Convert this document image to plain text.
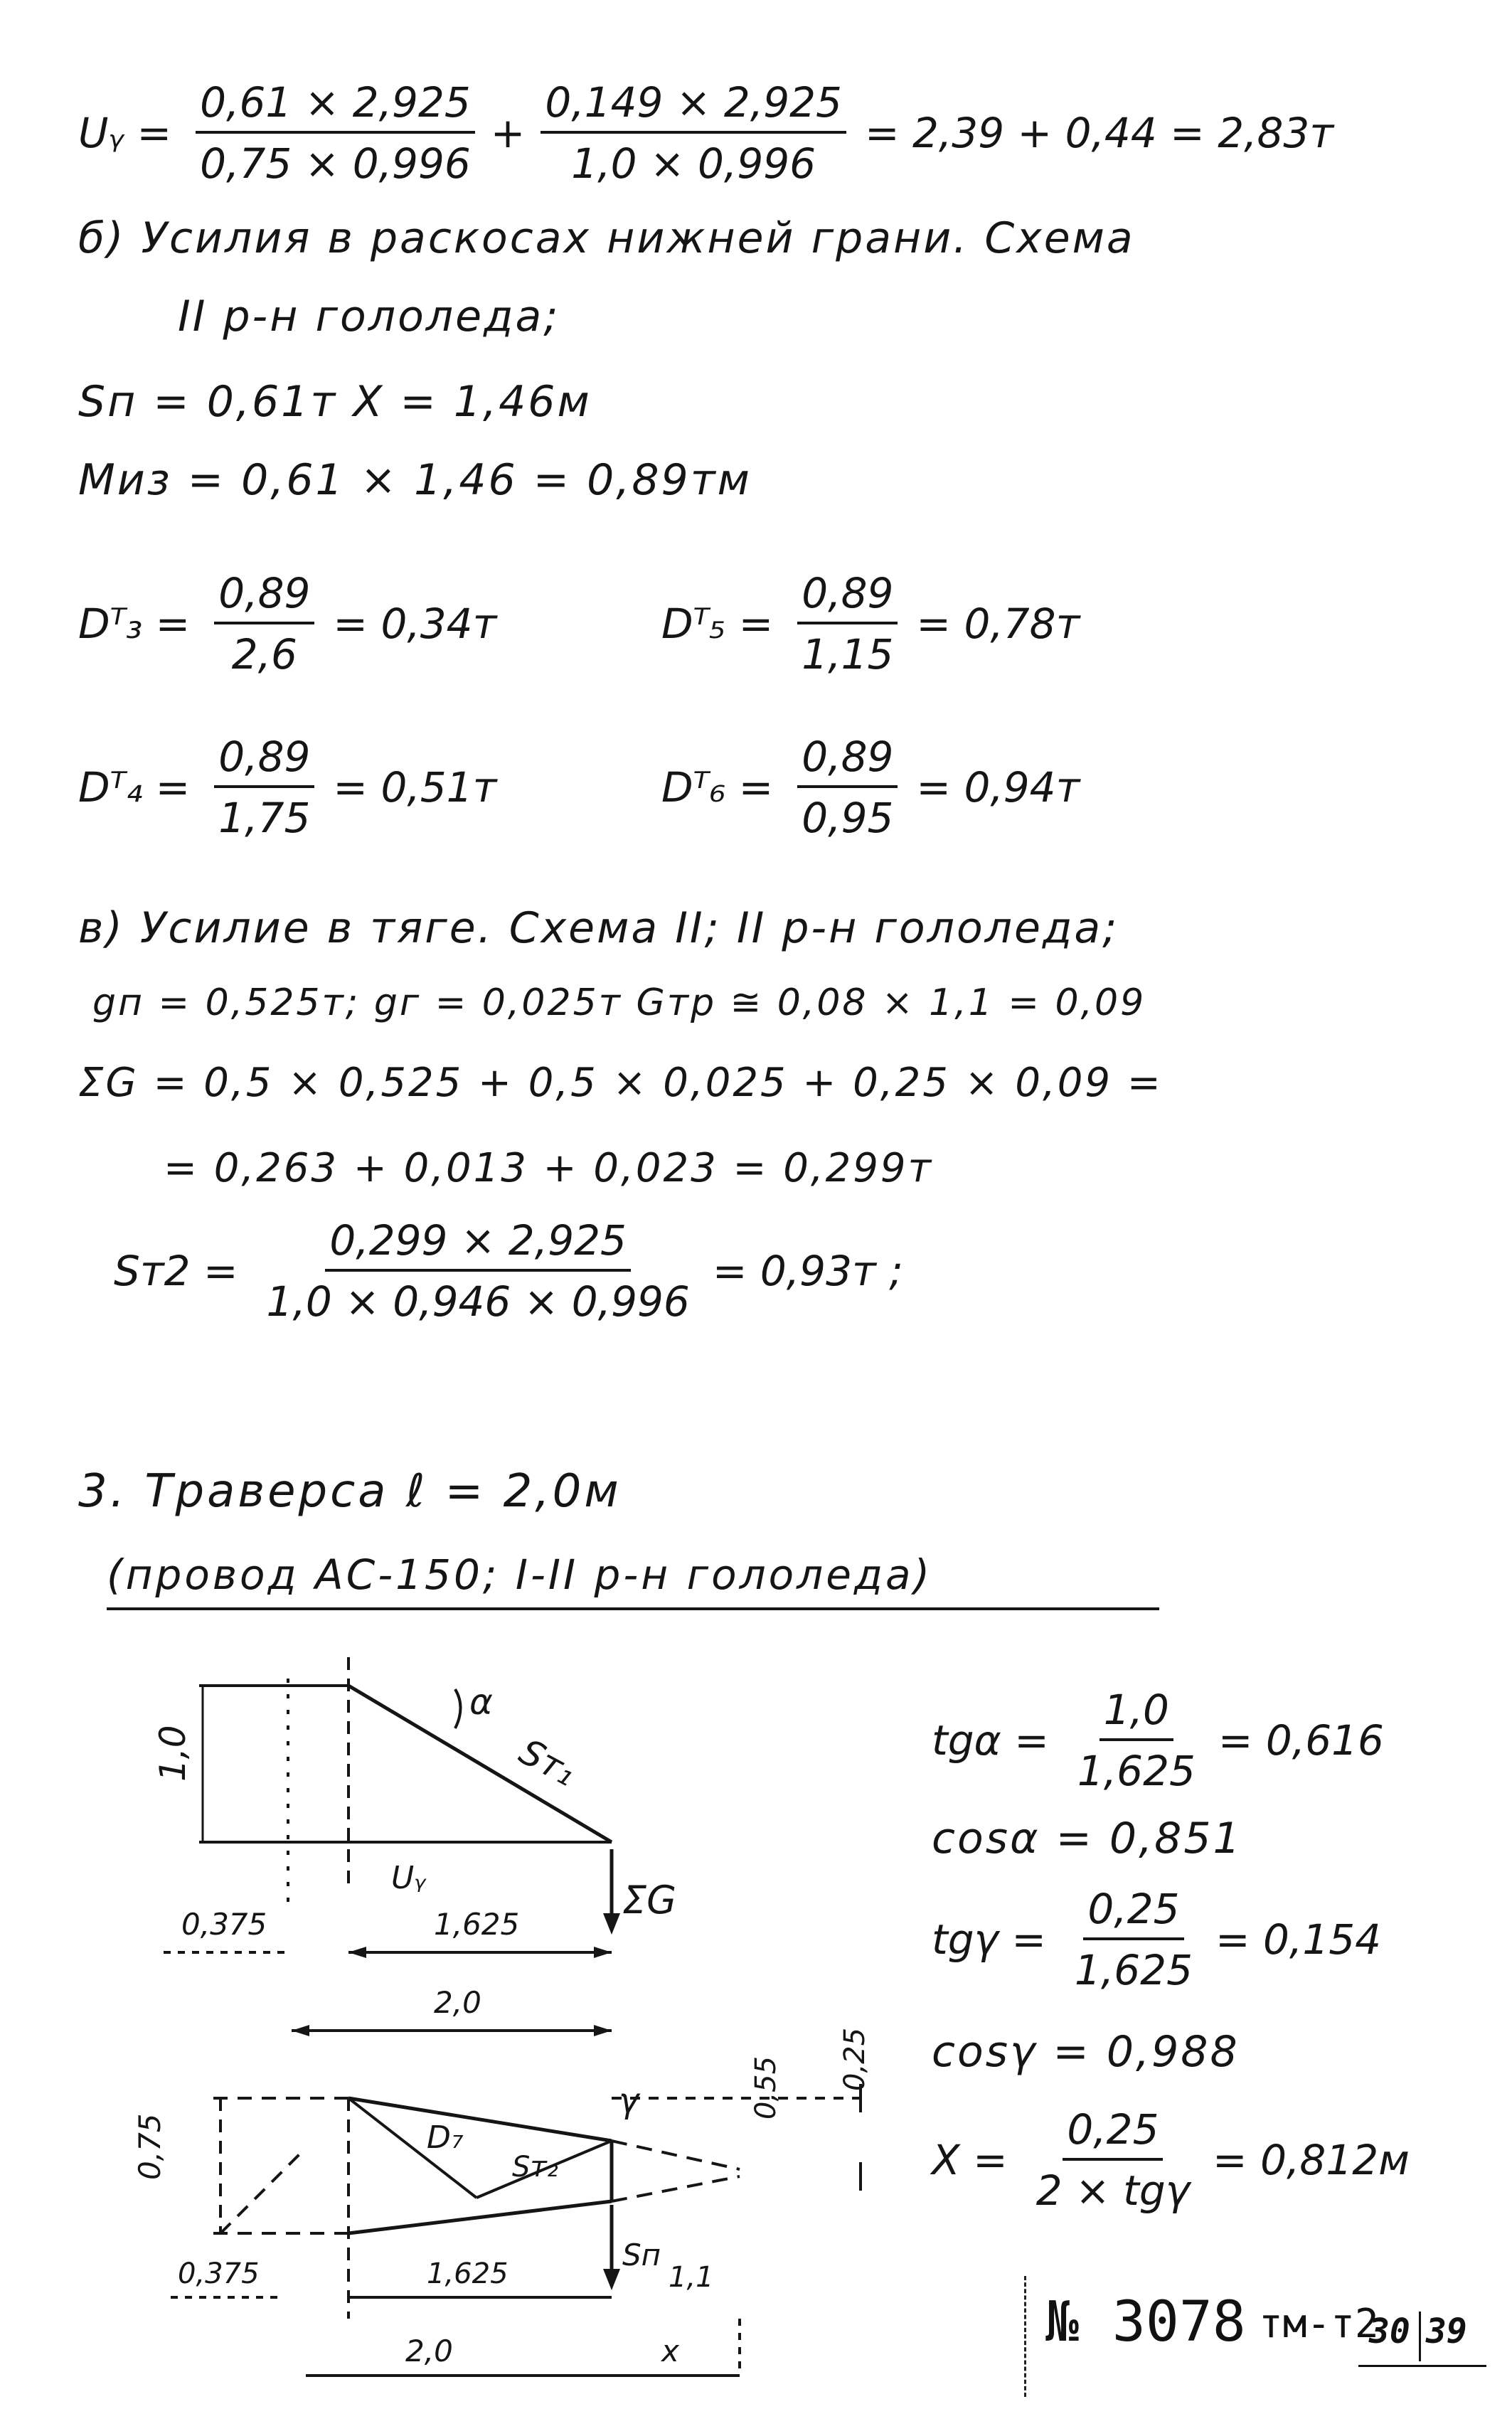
Uᵧ = $\frac{0,61 \times 2,925}{0,75 \times 0,996} + \frac{0,149 \times 2,925}{1,0 \times 0,996} = 2,39 + 0,44 = 2,83т$
б) Усилия в раскосах нижней грани. Схема
II р-н гололеда;
Sп = 0,61т X = 1,46м
Миз = 0,61 × 1,46 = 0,89тм
Dᵀ₃ = $\frac{0,89}{2,6} = 0,34т$	Dᵀ₅ = $\frac{0,89}{1,15} = 0,78т$
Dᵀ₄ = $\frac{0,89}{1,75} = 0,51т$	Dᵀ₆ = $\frac{0,89}{0,95} = 0,94т$
в) Усилие в тяге. Схема II; II р-н гололеда;
gп = 0,525т; gг = 0,025т Gтр ≅ 0,08 × 1,1 = 0,09
ΣG = 0,5 × 0,525 + 0,5 × 0,025 + 0,25 × 0,09 =
= 0,263 + 0,013 + 0,023 = 0,299т
$Sт2 = \frac{0,299 \times 2,925}{1,0 \times 0,946 \times 0,996} = 0,93т$ ;
3. Траверса ℓ = 2,0м
(провод АС-150; I-II р-н гололеда)
1,0
α
Sт₁
Uᵧ	ΣG
0,375	1,625
2,0
0,75	D₇
Sт₂
γ	0,55 0,25
Sп
0,375	1,625	1,1
2,0	x
$tg\alpha = \frac{1,0}{1,625} = 0,616$
cosα = 0,851
$tg\gamma = \frac{0,25}{1,625} = 0,154$
cosγ = 0,988
$X = \frac{0,25}{\text{2 × tgγ}} = 0,812м$
№ 3078 тм-т2
30 39
